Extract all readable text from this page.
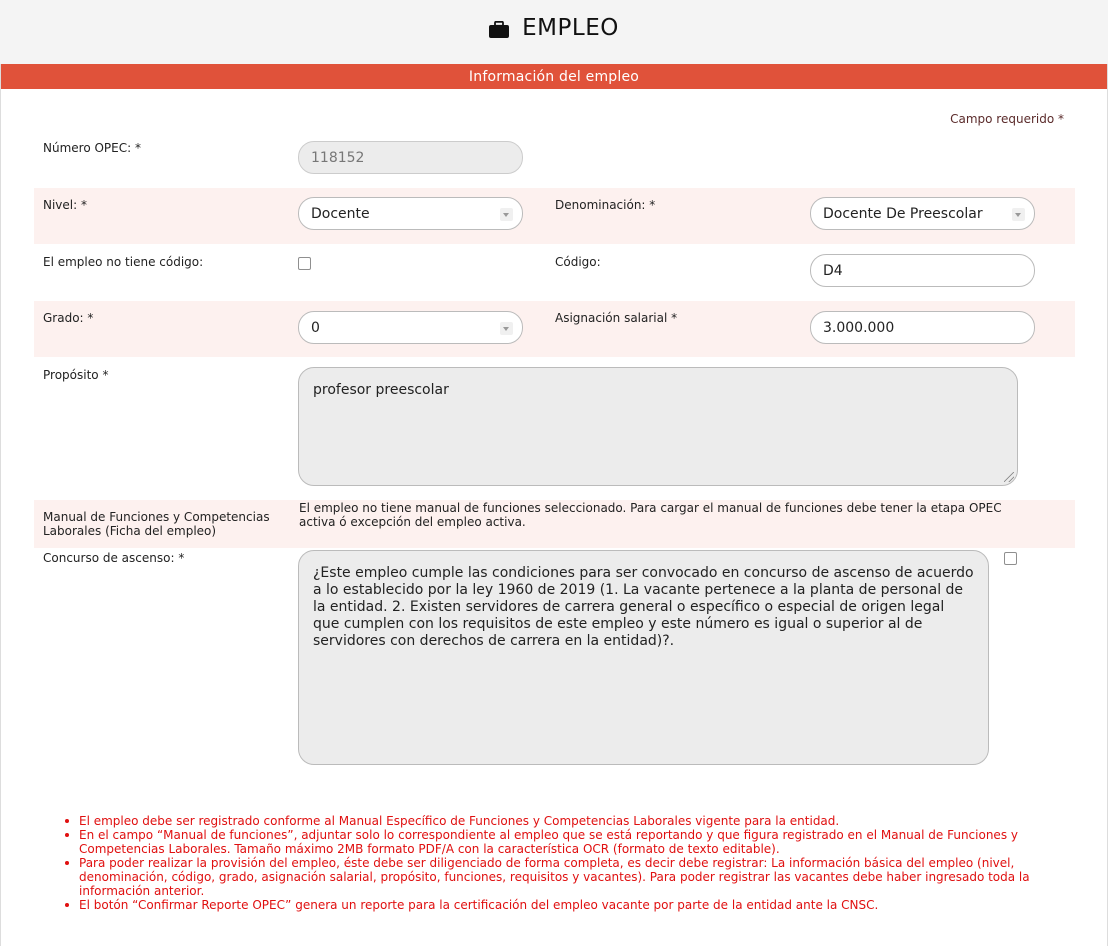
EMPLEO
Información del empleo
Campo requerido *
Número OPEC: *
118152
Nivel: *
Docente
Denominación: *
Docente De Preescolar
El empleo no tiene código:	Código:
D4
Grado: *
0
Asignación salarial *
3.000.000
Propósito *
profesor preescolar
Manual de Funciones y Competencias Laborales (Ficha del empleo)
El empleo no tiene manual de funciones seleccionado. Para cargar el manual de funciones debe tener la etapa OPEC activa ó excepción del empleo activa.
Concurso de ascenso: *
¿Este empleo cumple las condiciones para ser convocado en concurso de ascenso de acuerdo a lo establecido por la ley 1960 de 2019 (1. La vacante pertenece a la planta de personal de la entidad. 2. Existen servidores de carrera general o específico o especial de origen legal que cumplen con los requisitos de este empleo y este número es igual o superior al de servidores con derechos de carrera en la entidad)?.
El empleo debe ser registrado conforme al Manual Específico de Funciones y Competencias Laborales vigente para la entidad.
En el campo “Manual de funciones”, adjuntar solo lo correspondiente al empleo que se está reportando y que figura registrado en el Manual de Funciones y Competencias Laborales. Tamaño máximo 2MB formato PDF/A con la característica OCR (formato de texto editable).
Para poder realizar la provisión del empleo, éste debe ser diligenciado de forma completa, es decir debe registrar: La información básica del empleo (nivel, denominación, código, grado, asignación salarial, propósito, funciones, requisitos y vacantes). Para poder registrar las vacantes debe haber ingresado toda la información anterior.
El botón “Confirmar Reporte OPEC” genera un reporte para la certificación del empleo vacante por parte de la entidad ante la CNSC.
